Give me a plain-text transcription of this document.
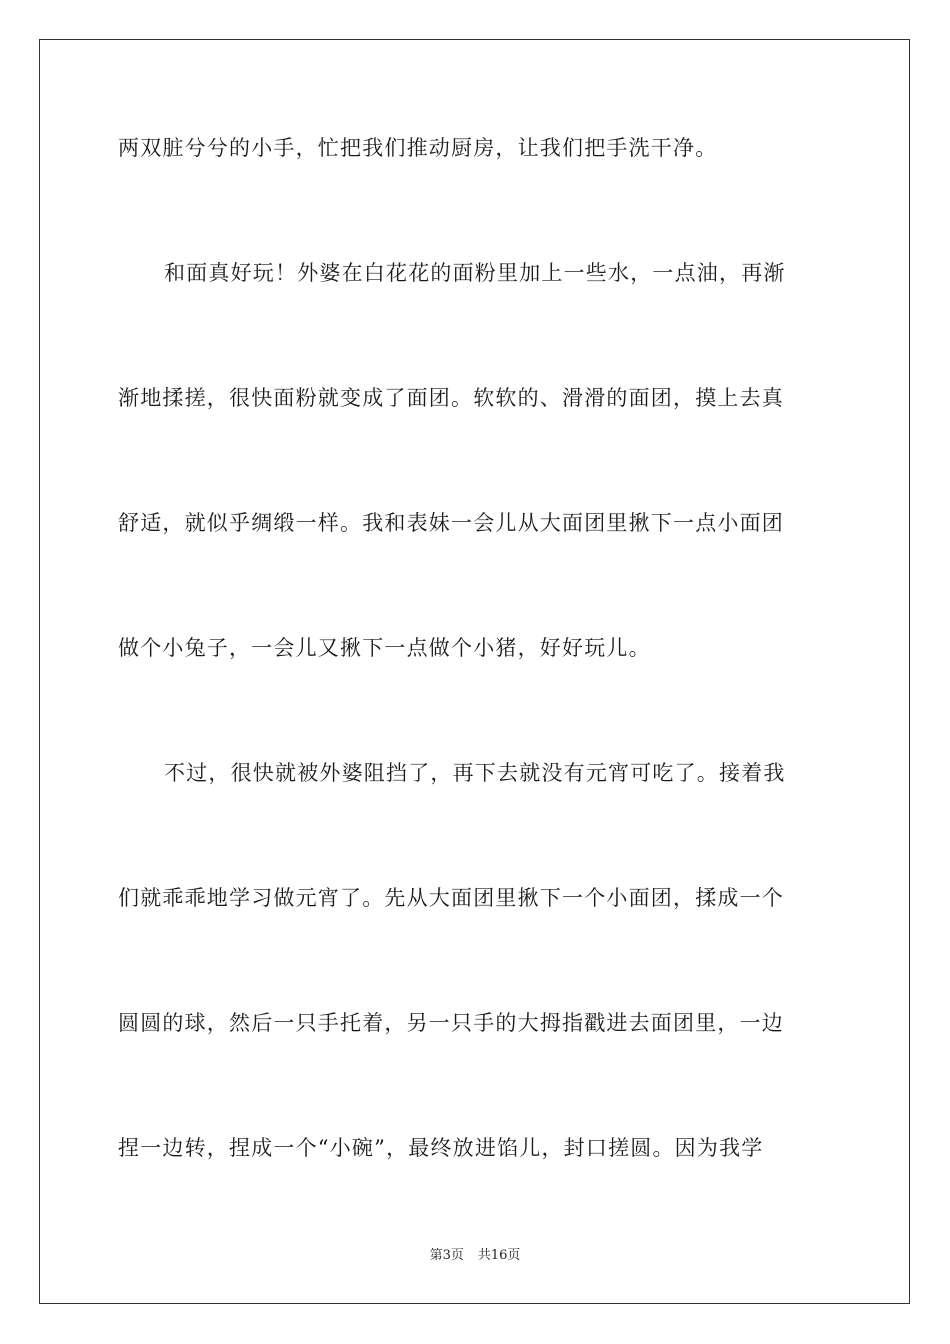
两双脏兮兮的小手，忙把我们推动厨房，让我们把手洗干净。
和面真好玩！外婆在白花花的面粉里加上一些水，一点油，再渐
渐地揉搓，很快面粉就变成了面团。软软的、滑滑的面团，摸上去真
舒适，就似乎绸缎一样。我和表妹一会儿从大面团里揪下一点小面团
做个小兔子，一会儿又揪下一点做个小猪，好好玩儿。
不过，很快就被外婆阻挡了，再下去就没有元宵可吃了。接着我
们就乖乖地学习做元宵了。先从大面团里揪下一个小面团，揉成一个
圆圆的球，然后一只手托着，另一只手的大拇指戳进去面团里，一边
捏一边转，捏成一个“小碗”，最终放进馅儿，封口搓圆。因为我学
第3页 共16页
